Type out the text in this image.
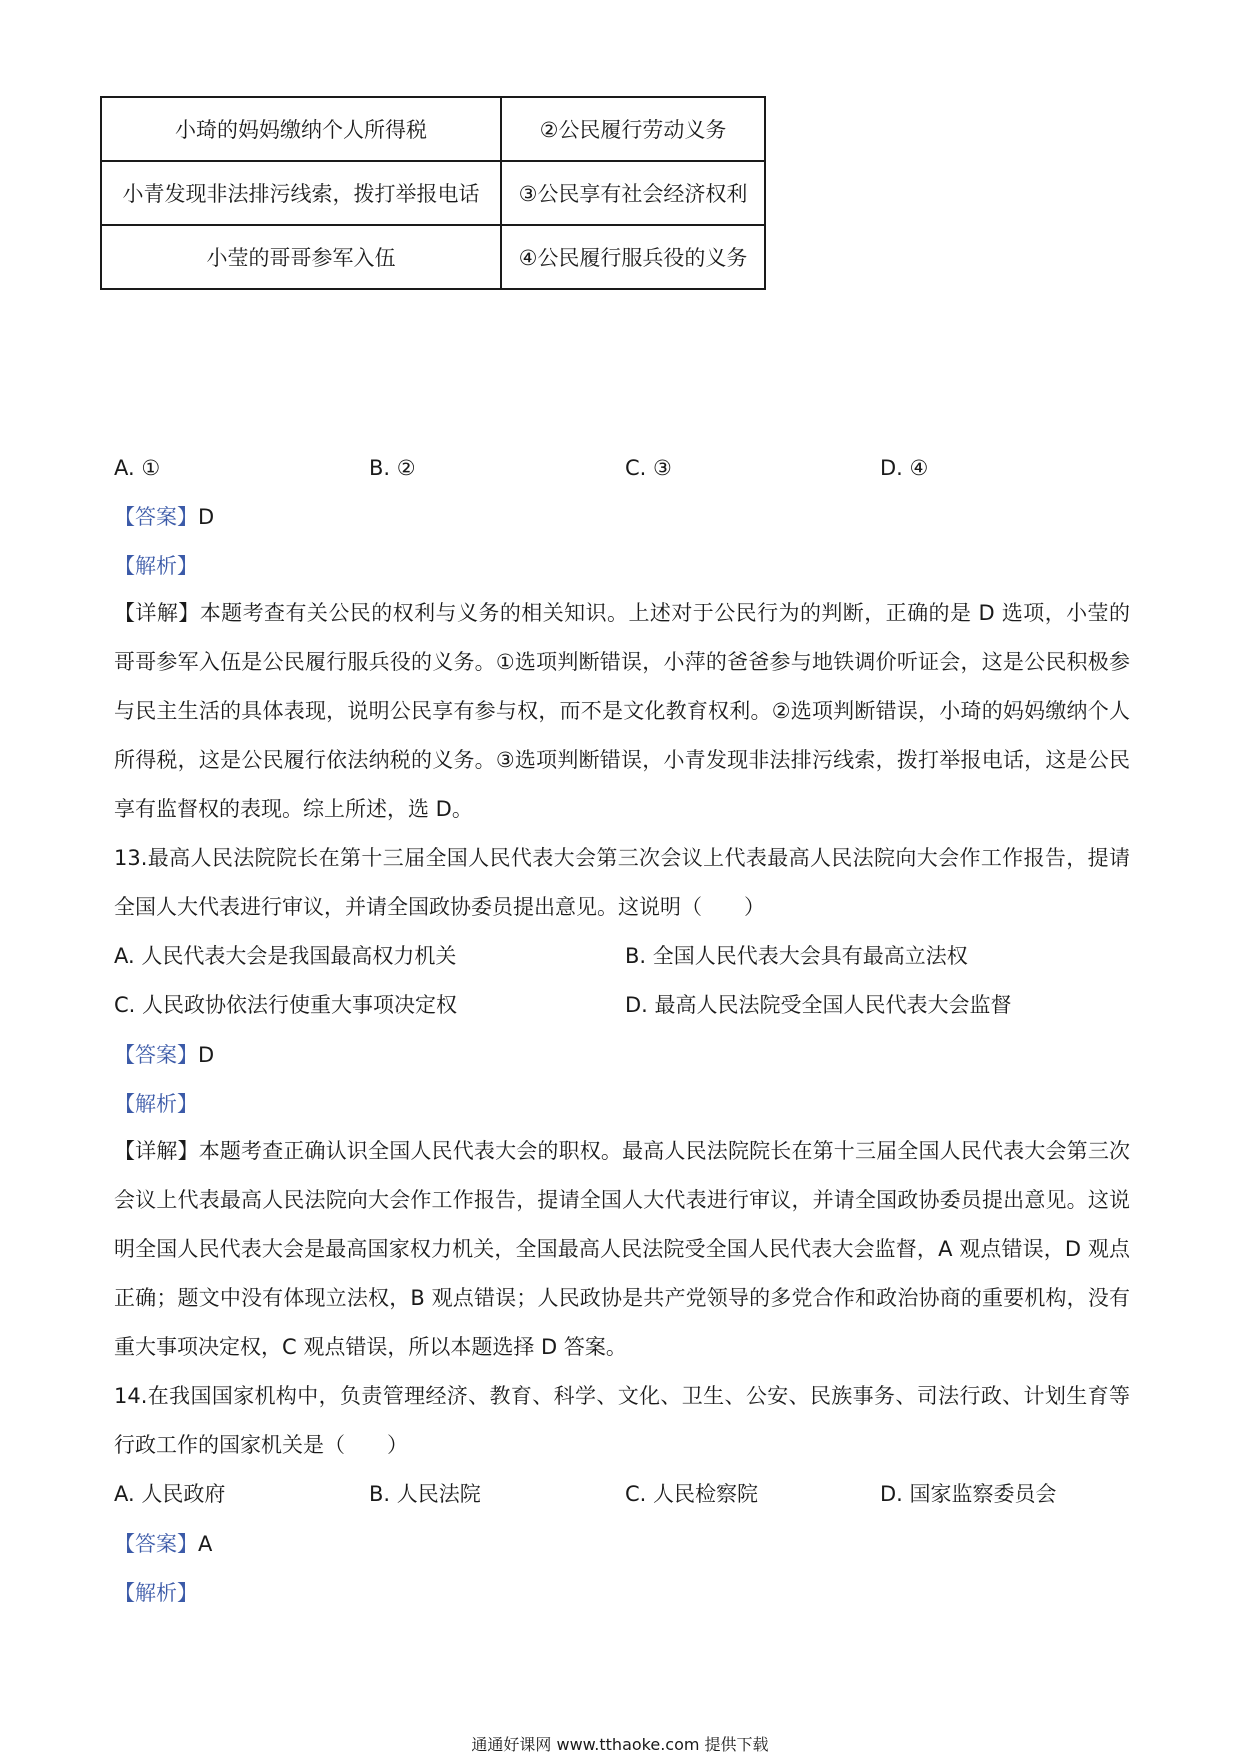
小琦的妈妈缴纳个人所得税	②公民履行劳动义务
小青发现非法排污线索，拨打举报电话	③公民享有社会经济权利
小莹的哥哥参军入伍	④公民履行服兵役的义务
A. ①	B. ②	C. ③	D. ④
【答案】D
【解析】
【详解】本题考查有关公民的权利与义务的相关知识。上述对于公民行为的判断，正确的是 D 选项，小莹的哥哥参军入伍是公民履行服兵役的义务。①选项判断错误，小萍的爸爸参与地铁调价听证会，这是公民积极参与民主生活的具体表现，说明公民享有参与权，而不是文化教育权利。②选项判断错误，小琦的妈妈缴纳个人所得税，这是公民履行依法纳税的义务。③选项判断错误，小青发现非法排污线索，拨打举报电话，这是公民享有监督权的表现。综上所述，选 D。
13.最高人民法院院长在第十三届全国人民代表大会第三次会议上代表最高人民法院向大会作工作报告，提请全国人大代表进行审议，并请全国政协委员提出意见。这说明（　　）
A. 人民代表大会是我国最高权力机关	B. 全国人民代表大会具有最高立法权
C. 人民政协依法行使重大事项决定权	D. 最高人民法院受全国人民代表大会监督
【答案】D
【解析】
【详解】本题考查正确认识全国人民代表大会的职权。最高人民法院院长在第十三届全国人民代表大会第三次会议上代表最高人民法院向大会作工作报告，提请全国人大代表进行审议，并请全国政协委员提出意见。这说明全国人民代表大会是最高国家权力机关，全国最高人民法院受全国人民代表大会监督，A 观点错误，D 观点正确；题文中没有体现立法权，B 观点错误；人民政协是共产党领导的多党合作和政治协商的重要机构，没有重大事项决定权，C 观点错误，所以本题选择 D 答案。
14.在我国国家机构中，负责管理经济、教育、科学、文化、卫生、公安、民族事务、司法行政、计划生育等行政工作的国家机关是（　　）
A. 人民政府	B. 人民法院	C. 人民检察院	D. 国家监察委员会
【答案】A
【解析】
通通好课网 www.tthaoke.com 提供下载
